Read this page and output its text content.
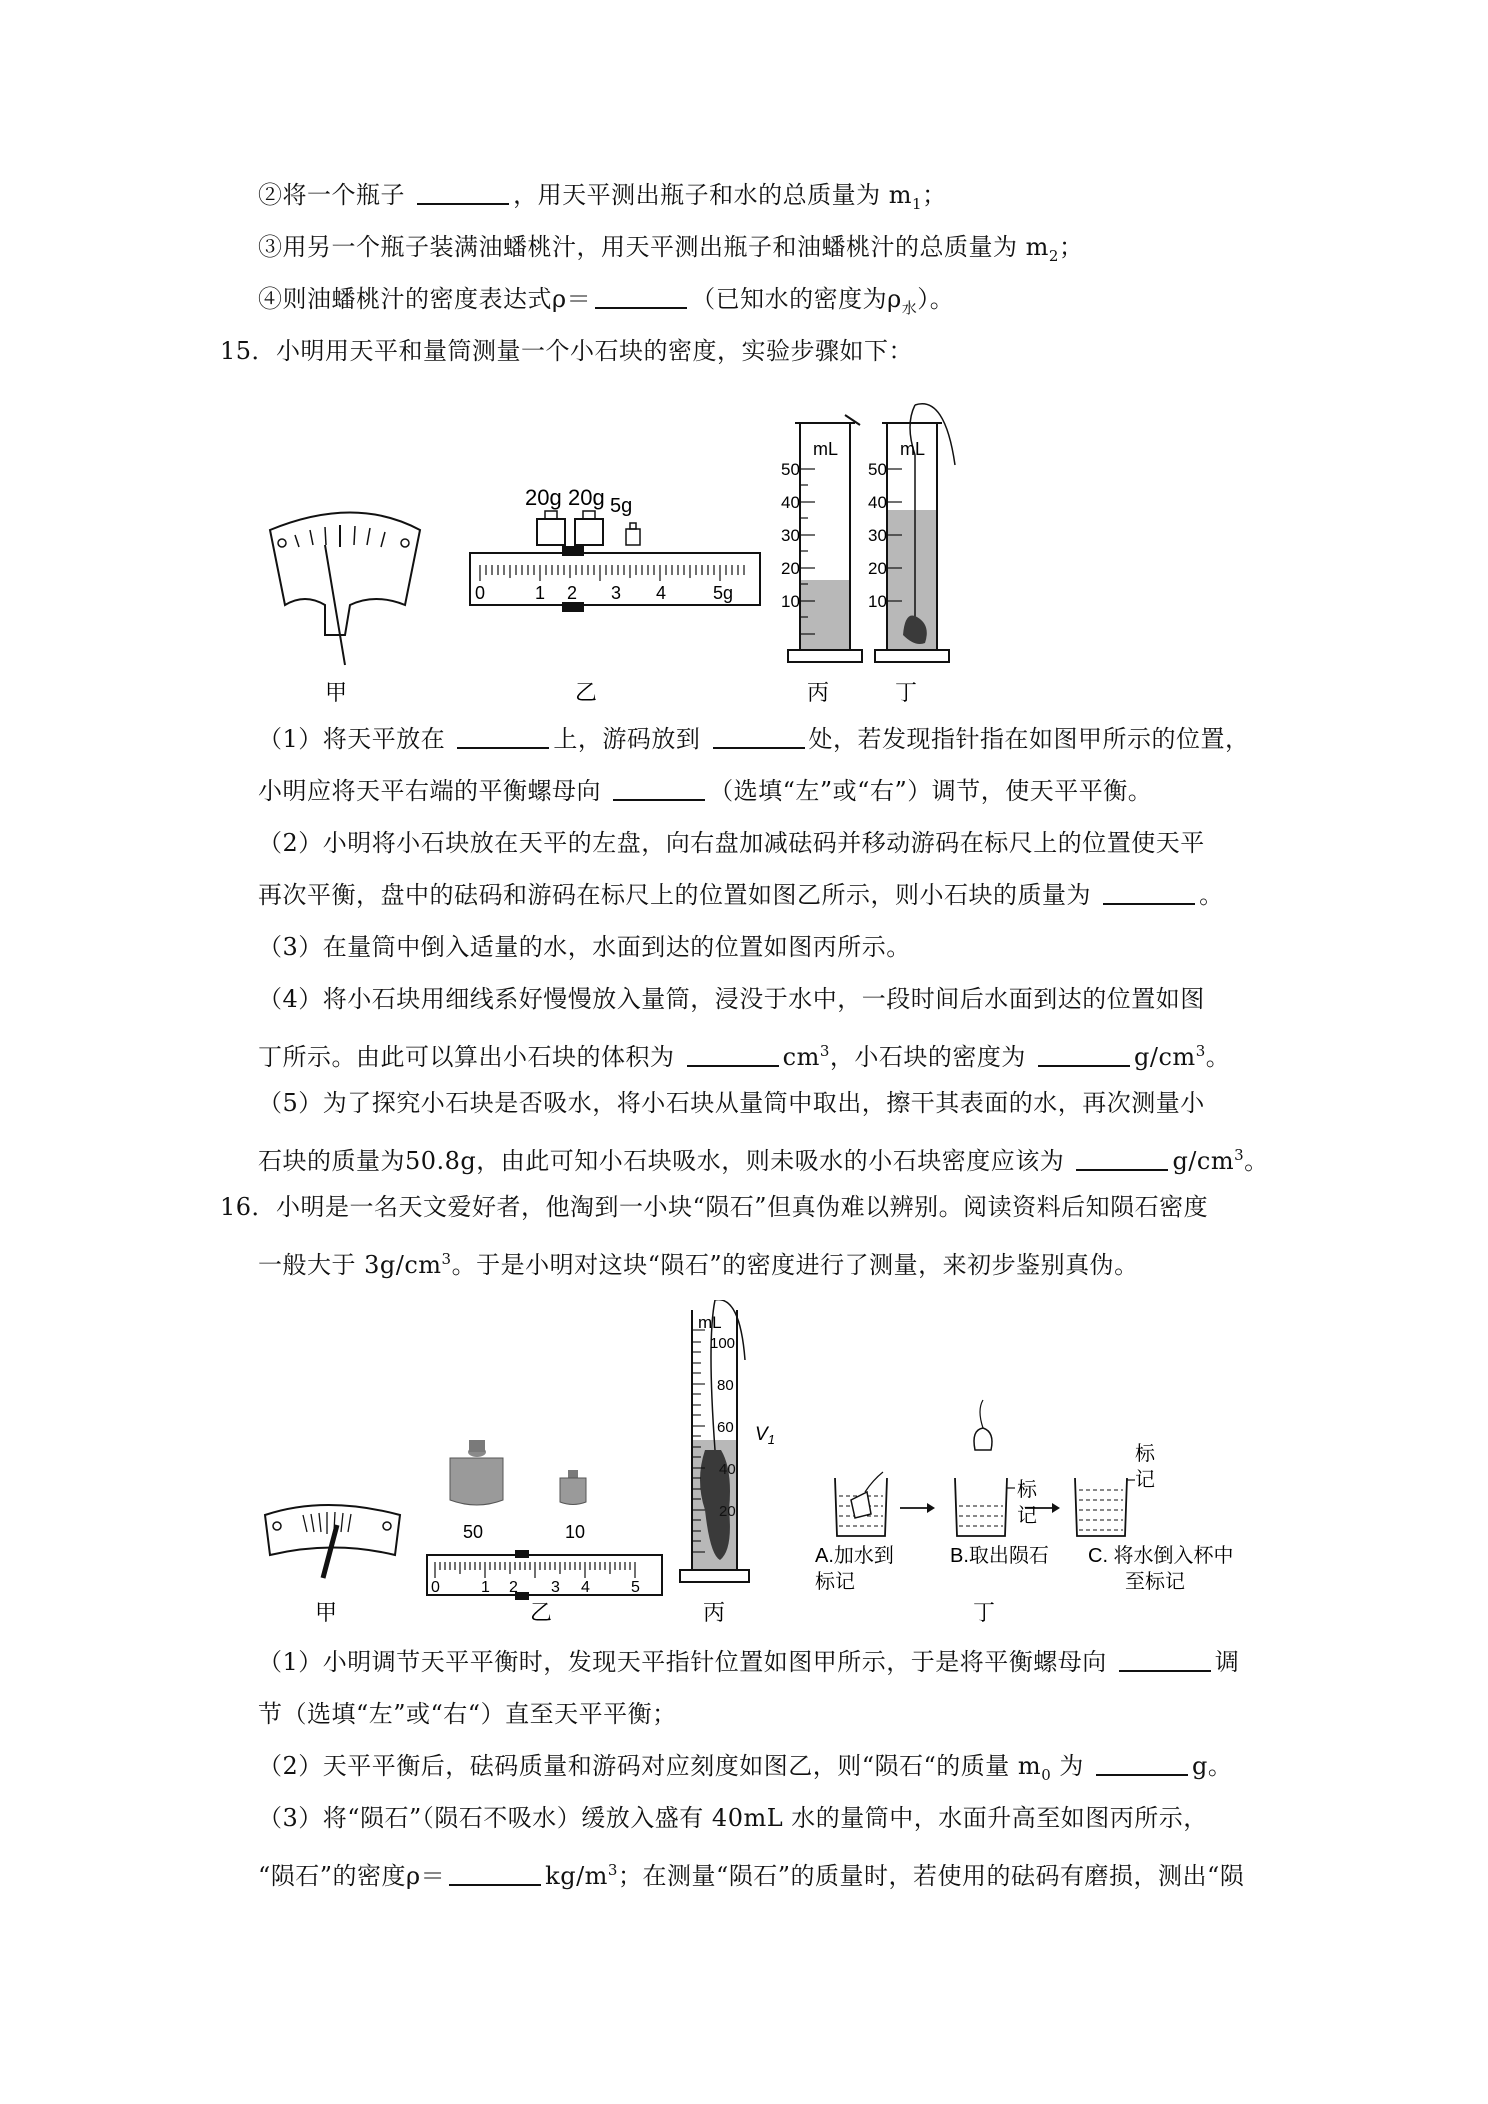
②将一个瓶子	，用天平测出瓶子和水的总质量为 $m_1$；
③用另一个瓶子装满油蟠桃汁，用天平测出瓶子和油蟠桃汁的总质量为 $m_2$；
④则油蟠桃汁的密度表达式ρ＝	（已知水的密度为$\rho_水$）。
15．小明用天平和量筒测量一个小石块的密度，实验步骤如下：
20g 20g 5g
0	1 2 3 4	5g
mL
50
40
30
20
10
mL
50
40
30
20
10
甲	乙	丙	丁
（1）将天平放在	上，游码放到	处，若发现指针指在如图甲所示的位置，
小明应将天平右端的平衡螺母向	（选填“左”或“右”）调节，使天平平衡。
（2）小明将小石块放在天平的左盘，向右盘加减砝码并移动游码在标尺上的位置使天平
再次平衡，盘中的砝码和游码在标尺上的位置如图乙所示，则小石块的质量为	。
（3）在量筒中倒入适量的水，水面到达的位置如图丙所示。
（4）将小石块用细线系好慢慢放入量筒，浸没于水中，一段时间后水面到达的位置如图
丁所示。由此可以算出小石块的体积为	$cm^3$，小石块的密度为	$g/cm^3$。
（5）为了探究小石块是否吸水，将小石块从量筒中取出，擦干其表面的水，再次测量小
石块的质量为50.8g，由此可知小石块吸水，则未吸水的小石块密度应该为	$g/cm^3$。
16．小明是一名天文爱好者，他淘到一小块“陨石”但真伪难以辨别。阅读资料后知陨石密度
一般大于 $3g/cm^3$。于是小明对这块“陨石”的密度进行了测量，来初步鉴别真伪。
50	10
0	1 2 3 4	5
mL
100
80
60
40
20
$V_1$
标
记
标
记
A.加水到
标记
B.取出陨石 C. 将水倒入杯中
至标记
甲	乙	丙	丁
（1）小明调节天平平衡时，发现天平指针位置如图甲所示，于是将平衡螺母向	调
节（选填“左”或“右“）直至天平平衡；
（2）天平平衡后，砝码质量和游码对应刻度如图乙，则“陨石“的质量 $m_0$ 为	g。
（3）将“陨石”（陨石不吸水）缓放入盛有 40mL 水的量筒中，水面升高至如图丙所示，
“陨石”的密度ρ＝	$kg/m^3$；在测量“陨石”的质量时，若使用的砝码有磨损，测出“陨
